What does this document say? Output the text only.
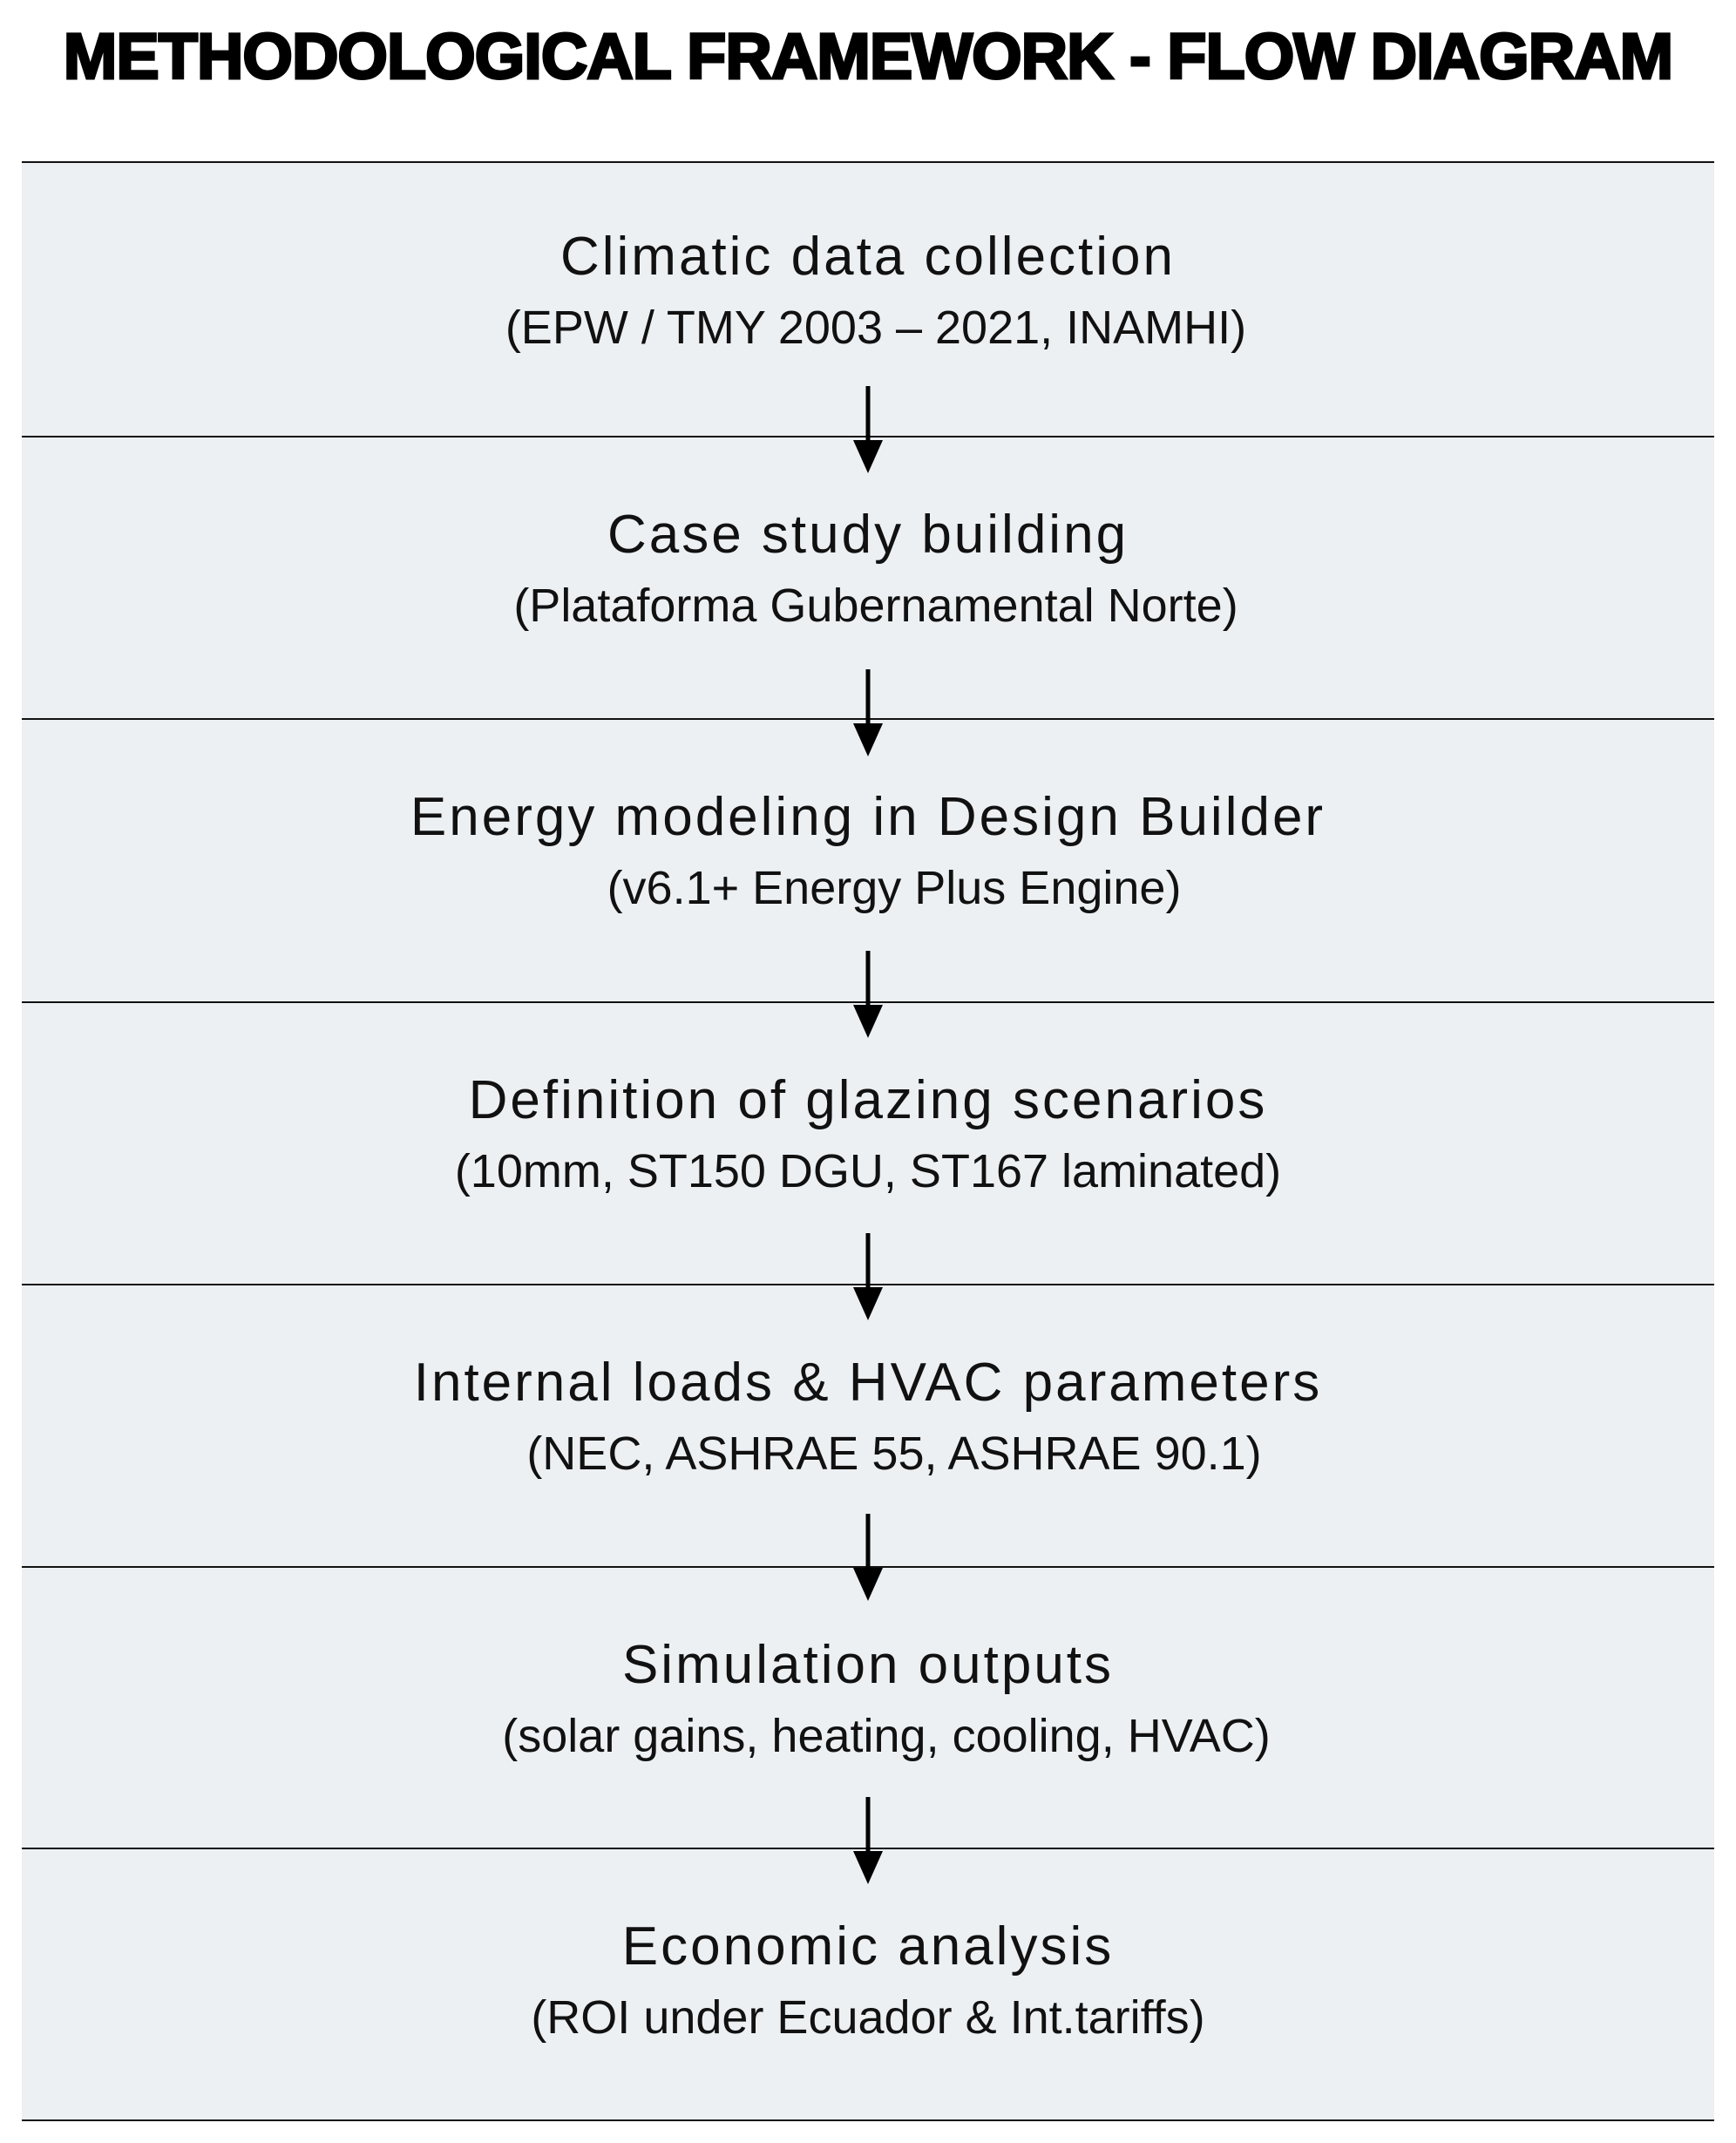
METHODOLOGICAL FRAMEWORK - FLOW DIAGRAM
Climatic data collection
(EPW / TMY 2003 – 2021, INAMHI)
Case study building
(Plataforma Gubernamental Norte)
Energy modeling in Design Builder
(v6.1+ Energy Plus Engine)
Definition of glazing scenarios
(10mm, ST150 DGU, ST167 laminated)
Internal loads & HVAC parameters
(NEC, ASHRAE 55, ASHRAE 90.1)
Simulation outputs
(solar gains, heating, cooling, HVAC)
Economic analysis
(ROI under Ecuador & Int.tariffs)
